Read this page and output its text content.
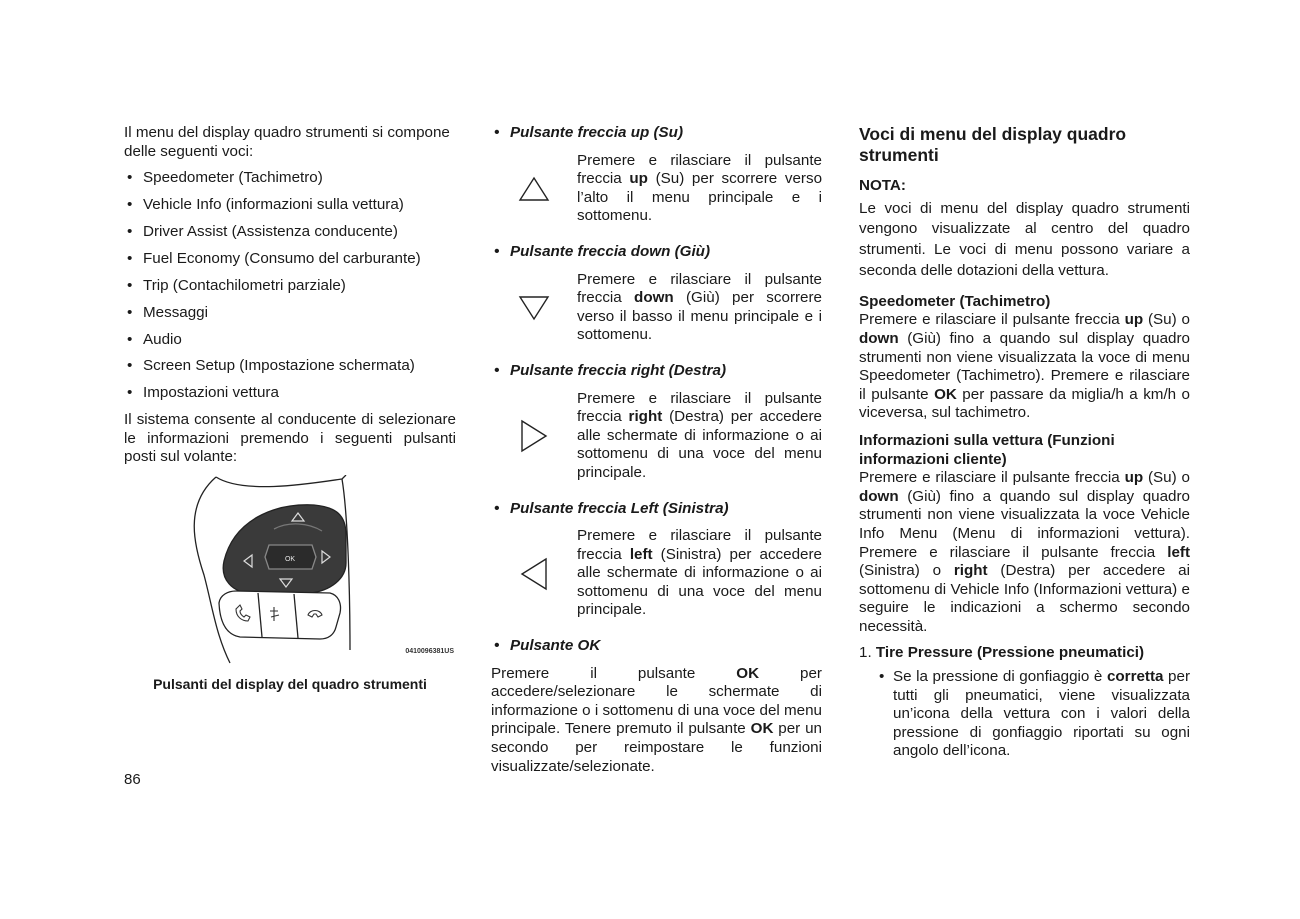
Il menu del display quadro strumenti si compone delle seguenti voci:

• Speedometer (Tachimetro)
• Vehicle Info (informazioni sulla vettura)
• Driver Assist (Assistenza conducente)
• Fuel Economy (Consumo del carburante)
• Trip (Contachilometri parziale)
• Messaggi
• Audio
• Screen Setup (Impostazione schermata)
• Impostazioni vettura

Il sistema consente al conducente di selezionare le informazioni premendo i seguenti pulsanti posti sul volante:

OK
0410096381US
Pulsanti del display del quadro strumenti
• Pulsante freccia up (Su)
Premere e rilasciare il pulsante freccia up (Su) per scorrere verso l’alto il menu principale e i sottomenu.
• Pulsante freccia down (Giù)
Premere e rilasciare il pulsante freccia down (Giù) per scorrere verso il basso il menu principale e i sottomenu.
• Pulsante freccia right (Destra)
Premere e rilasciare il pulsante freccia right (Destra) per accedere alle schermate di informazione o ai sottomenu di una voce del menu principale.
• Pulsante freccia Left (Sinistra)
Premere e rilasciare il pulsante freccia left (Sinistra) per accedere alle schermate di informazione o ai sottomenu di una voce del menu principale.
• Pulsante OK

Premere il pulsante OK per accedere/selezionare le schermate di informazione o i sottomenu di una voce del menu principale. Tenere premuto il pulsante OK per un secondo per reimpostare le funzioni visualizzate/selezionate.

Voci di menu del display quadro strumenti
NOTA:

Le voci di menu del display quadro strumenti vengono visualizzate al centro del quadro strumenti. Le voci di menu possono variare a seconda delle dotazioni della vettura.

Speedometer (Tachimetro)

Premere e rilasciare il pulsante freccia up (Su) o down (Giù) fino a quando sul display quadro strumenti non viene visualizzata la voce di menu Speedometer (Tachimetro). Premere e rilasciare il pulsante OK per passare da miglia/h a km/h o viceversa, sul tachimetro.

Informazioni sulla vettura (Funzioni informazioni cliente)

Premere e rilasciare il pulsante freccia up (Su) o down (Giù) fino a quando sul display quadro strumenti non viene visualizzata la voce Vehicle Info Menu (Menu di informazioni vettura). Premere e rilasciare il pulsante freccia left (Sinistra) o right (Destra) per accedere ai sottomenu di Vehicle Info (Informazioni vettura) e seguire le indicazioni a schermo secondo necessità.

1. Tire Pressure (Pressione pneumatici)

• Se la pressione di gonfiaggio è corretta per tutti gli pneumatici, viene visualizzata un’icona della vettura con i valori della pressione di gonfiaggio riportati su ogni angolo dell’icona.

86
